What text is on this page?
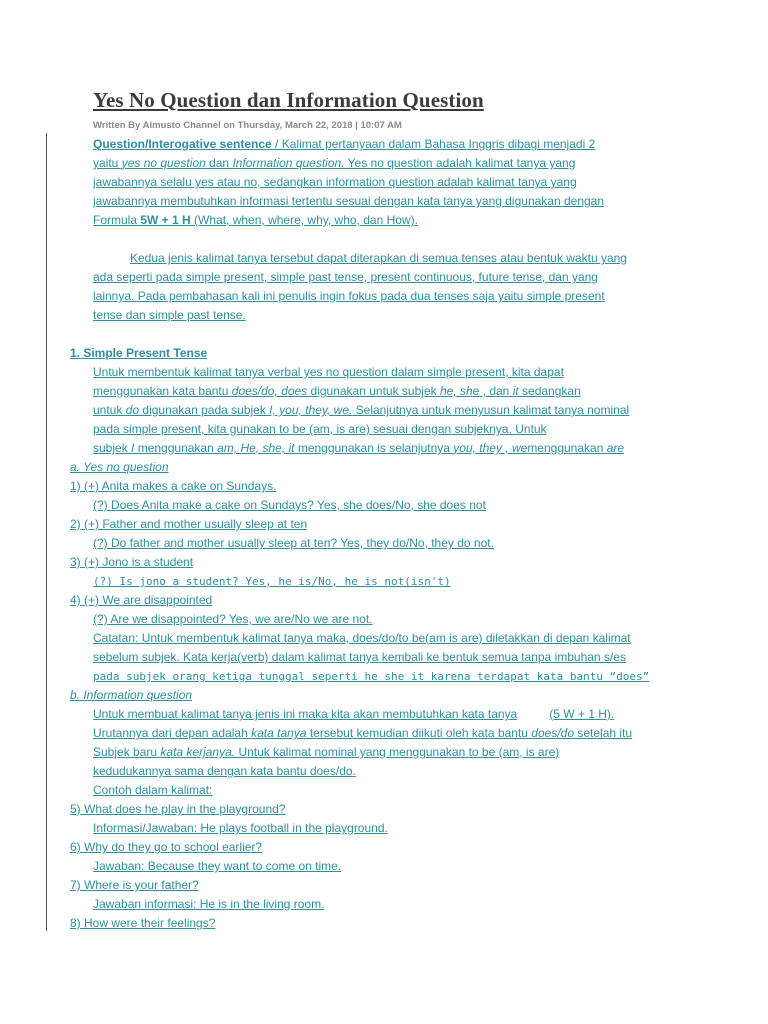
Yes No Question dan Information Question
Written By Almusto Channel on Thursday, March 22, 2018 | 10:07 AM
Question/Interogative sentence / Kalimat pertanyaan dalam Bahasa Inggris dibagi menjadi 2
yaitu yes no question dan Information question. Yes no question adalah kalimat tanya yang
jawabannya selalu yes atau no, sedangkan information question adalah kalimat tanya yang
jawabannya membutuhkan informasi tertentu sesuai dengan kata tanya yang digunakan dengan
Formula 5W + 1 H (What, when, where, why, who, dan How).
Kedua jenis kalimat tanya tersebut dapat diterapkan di semua tenses atau bentuk waktu yang
ada seperti pada simple present, simple past tense, present continuous, future tense, dan yang
lainnya. Pada pembahasan kali ini penulis ingin fokus pada dua tenses saja yaitu simple present
tense dan simple past tense.
1. Simple Present Tense
Untuk membentuk kalimat tanya verbal yes no question dalam simple present, kita dapat
menggunakan kata bantu does/do, does digunakan untuk subjek he, she , dan it sedangkan
untuk do digunakan pada subjek I, you, they, we. Selanjutnya untuk menyusun kalimat tanya nominal
pada simple present, kita gunakan to be (am, is are) sesuai dengan subjeknya. Untuk
subjek I menggunakan am, He, she, it menggunakan is selanjutnya you, they , wemenggunakan are
a. Yes no question
1) (+) Anita makes a cake on Sundays.
(?) Does Anita make a cake on Sundays? Yes, she does/No, she does not
2) (+) Father and mother usually sleep at ten
(?) Do father and mother usually sleep at ten? Yes, they do/No, they do not.
3) (+) Jono is a student
(?) Is jono a student? Yes, he is/No, he is not(isn't)
4) (+) We are disappointed
(?) Are we disappointed? Yes, we are/No we are not.
Catatan: Untuk membentuk kalimat tanya maka, does/do/to be(am is are) diletakkan di depan kalimat
sebelum subjek. Kata kerja(verb) dalam kalimat tanya kembali ke bentuk semua tanpa imbuhan s/es
pada subjek orang ketiga tunggal seperti he she it karena terdapat kata bantu “does”
b. Information question
Untuk membuat kalimat tanya jenis ini maka kita akan membutuhkan kata tanya	(5 W + 1 H).
Urutannya dari depan adalah kata tanya tersebut kemudian diikuti oleh kata bantu does/do setelah itu
Subjek baru kata kerjanya. Untuk kalimat nominal yang menggunakan to be (am, is are)
kedudukannya sama dengan kata bantu does/do.
Contoh dalam kalimat:
5) What does he play in the playground?
Informasi/Jawaban: He plays football in the playground.
6) Why do they go to school earlier?
Jawaban: Because they want to come on time.
7) Where is your father?
Jawaban informasi: He is in the living room.
8) How were their feelings?
